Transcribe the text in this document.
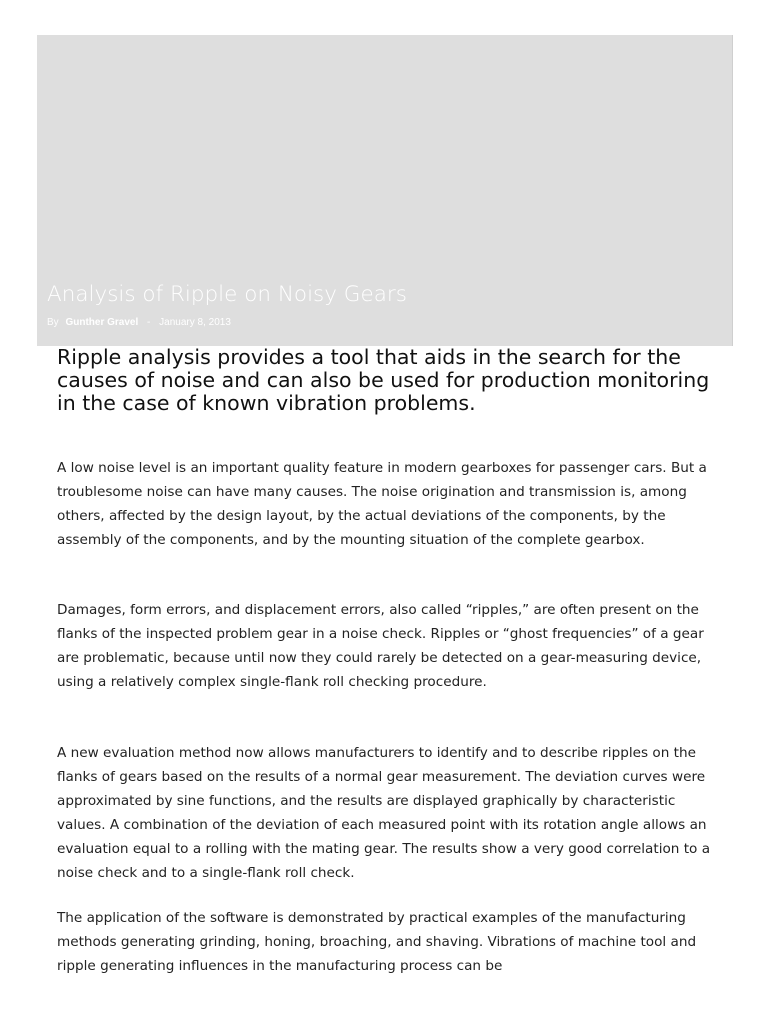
Analysis of Ripple on Noisy Gears
By Gunther Gravel - January 8, 2013
Ripple analysis provides a tool that aids in the search for the causes of noise and can also be used for production monitoring in the case of known vibration problems.

A low noise level is an important quality feature in modern gearboxes for passenger cars. But a troublesome noise can have many causes. The noise origination and transmission is, among others, affected by the design layout, by the actual deviations of the components, by the assembly of the components, and by the mounting situation of the complete gearbox.

Damages, form errors, and displacement errors, also called “ripples,” are often present on the flanks of the inspected problem gear in a noise check. Ripples or “ghost frequencies” of a gear are problematic, because until now they could rarely be detected on a gear-measuring device, using a relatively complex single-flank roll checking procedure.

A new evaluation method now allows manufacturers to identify and to describe ripples on the flanks of gears based on the results of a normal gear measurement. The deviation curves were approximated by sine functions, and the results are displayed graphically by characteristic values. A combination of the deviation of each measured point with its rotation angle allows an evaluation equal to a rolling with the mating gear. The results show a very good correlation to a noise check and to a single-flank roll check.

The application of the software is demonstrated by practical examples of the manufacturing methods generating grinding, honing, broaching, and shaving. Vibrations of machine tool and ripple generating influences in the manufacturing process can be
